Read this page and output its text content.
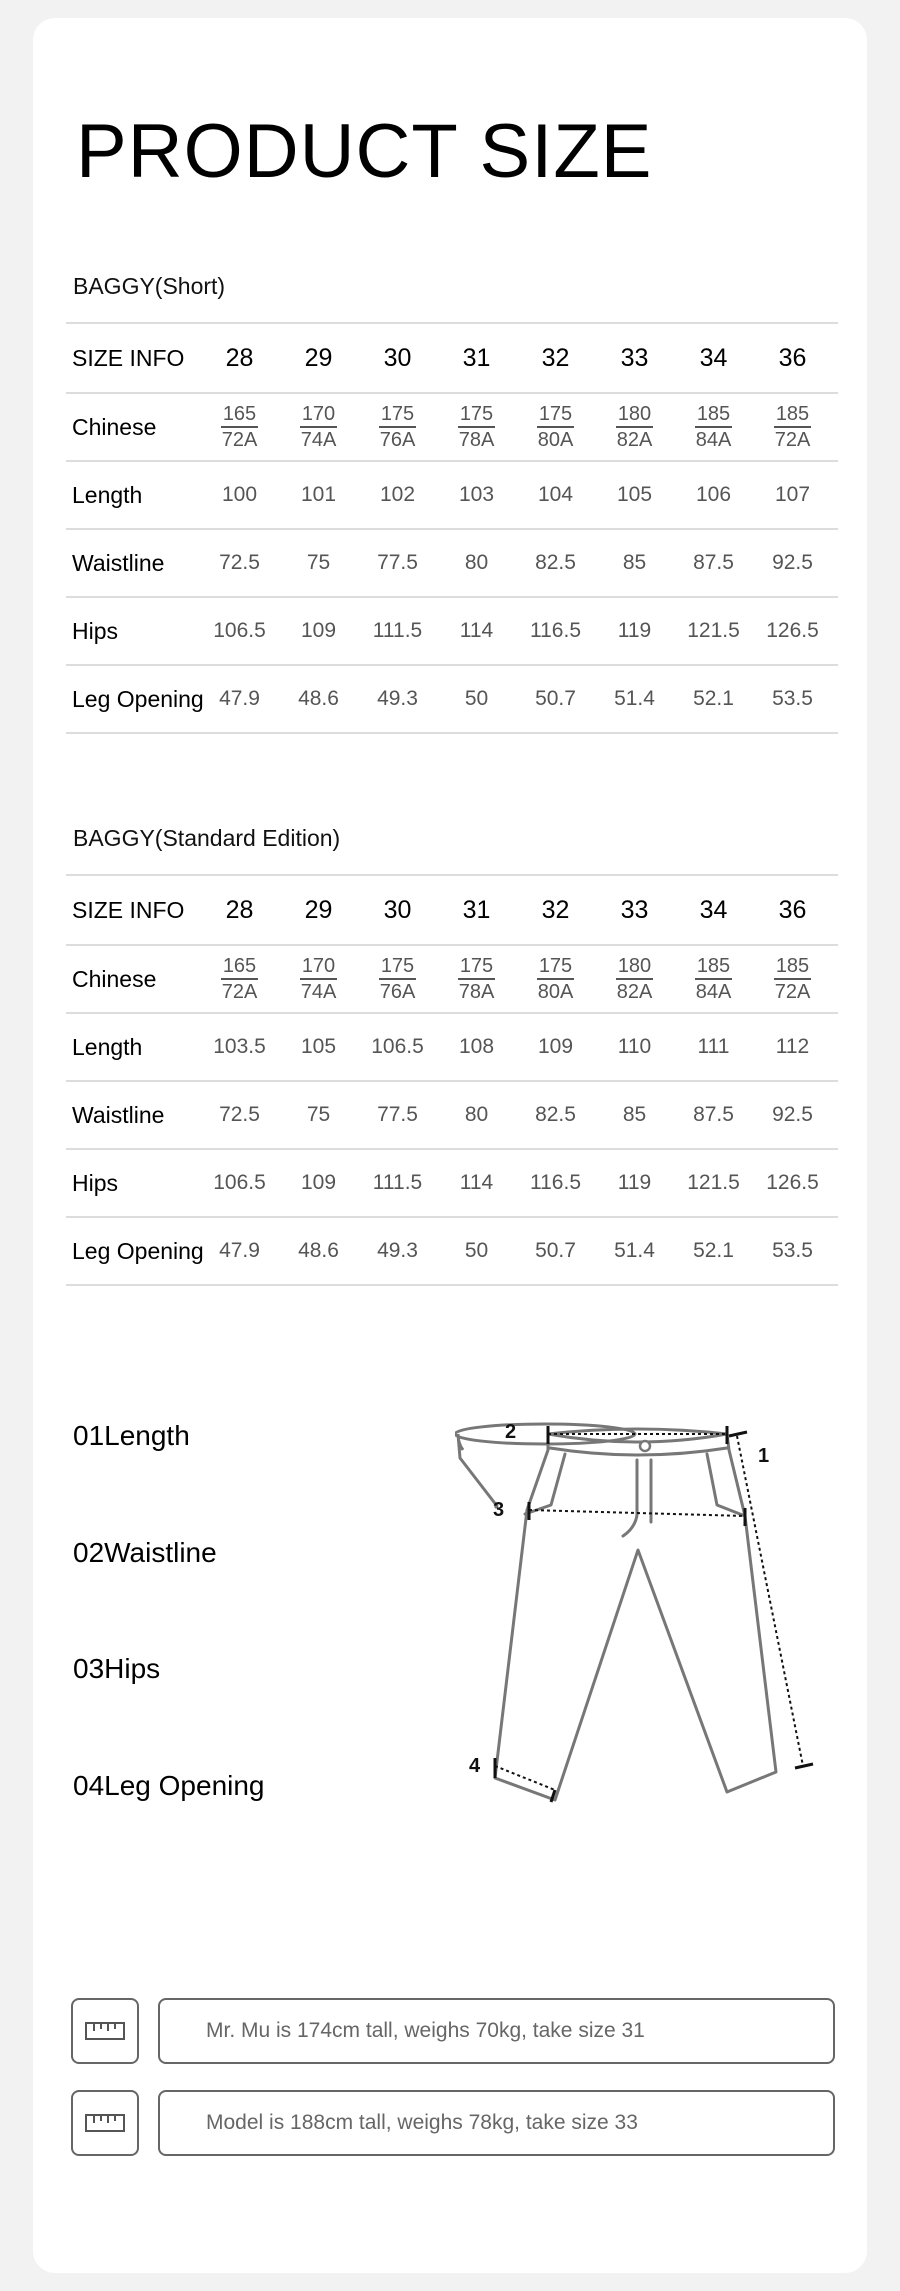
PRODUCT SIZE
BAGGY(Short)
SIZE INFO	28	29	30	31	32	33	34	36
Chinese	$\frac{165}{72A} \frac{170}{74A} \frac{175}{76A} \frac{175}{78A} \frac{175}{80A} \frac{180}{82A} \frac{185}{84A} \frac{185}{72A}$
Length	100	101	102	103	104	105	106	107
Waistline	72.5	75	77.5	80	82.5	85	87.5	92.5
Hips	106.5	109	111.5	114	116.5	119	121.5	126.5
Leg Opening 47.9	48.6	49.3	50	50.7	51.4	52.1	53.5
BAGGY(Standard Edition)
SIZE INFO	28	29	30	31	32	33	34	36
Chinese	$\frac{165}{72A} \frac{170}{74A} \frac{175}{76A} \frac{175}{78A} \frac{175}{80A} \frac{180}{82A} \frac{185}{84A} \frac{185}{72A}$
Length	103.5	105	106.5	108	109	110	111	112
Waistline	72.5	75	77.5	80	82.5	85	87.5	92.5
Hips	106.5	109	111.5	114	116.5	119	121.5	126.5
Leg Opening 47.9	48.6	49.3	50	50.7	51.4	52.1	53.5
01Length
02Waistline
03Hips
04Leg Opening
1
2
3
4
Mr. Mu is 174cm tall, weighs 70kg, take size 31
Model is 188cm tall, weighs 78kg, take size 33
